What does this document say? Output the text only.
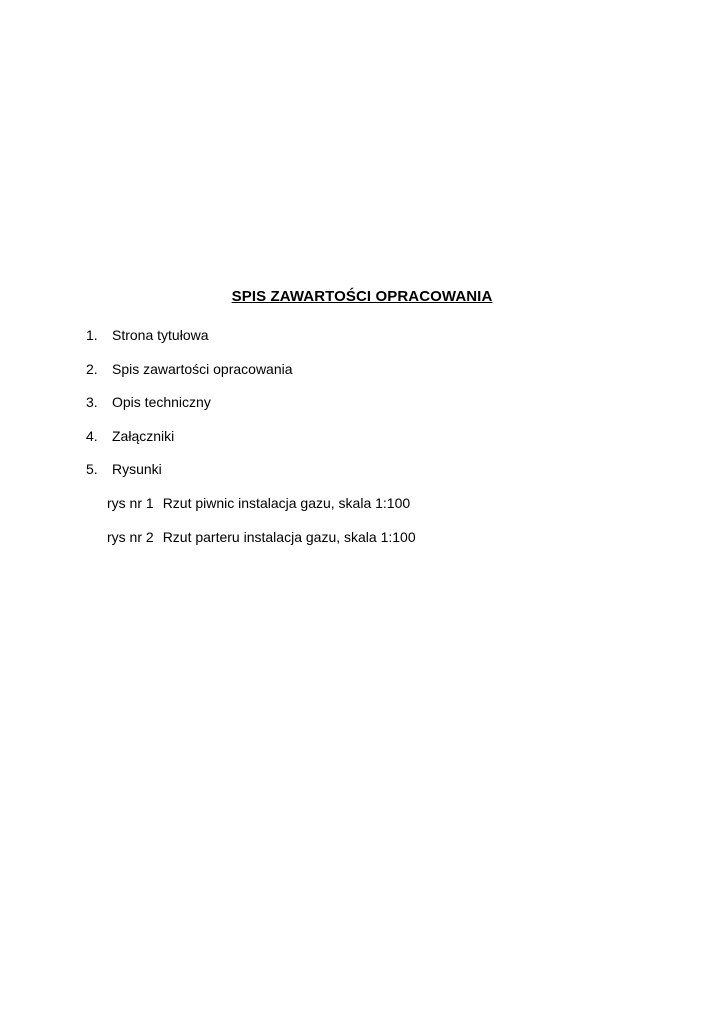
SPIS ZAWARTOŚCI OPRACOWANIA
1. Strona tytułowa
2. Spis zawartości opracowania
3. Opis techniczny
4. Załączniki
5. Rysunki
rys nr 1 Rzut piwnic instalacja gazu, skala 1:100
rys nr 2 Rzut parteru instalacja gazu, skala 1:100
